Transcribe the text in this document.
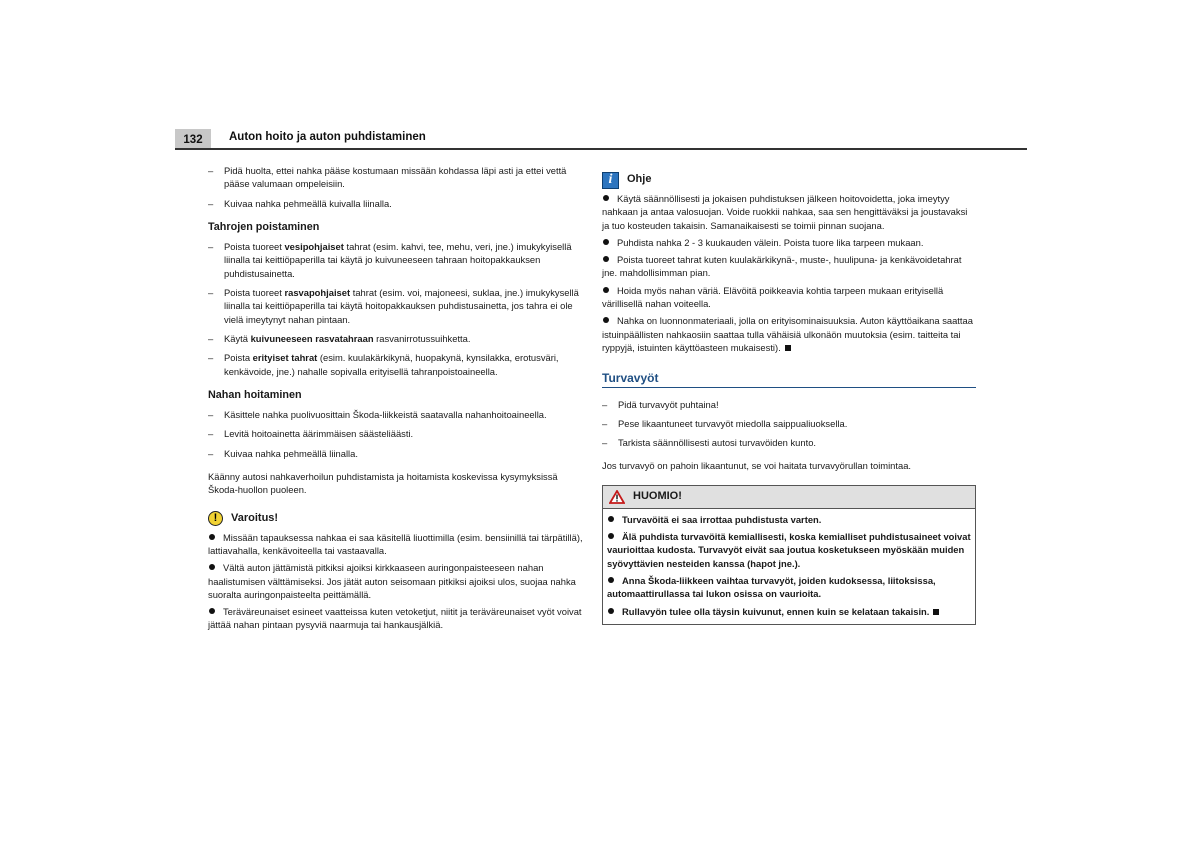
132	Auton hoito ja auton puhdistaminen
– Pidä huolta, ettei nahka pääse kostumaan missään kohdassa läpi asti ja ettei vettä pääse valumaan ompeleisiin.
– Kuivaa nahka pehmeällä kuivalla liinalla.
Tahrojen poistaminen
– Poista tuoreet vesipohjaiset tahrat (esim. kahvi, tee, mehu, veri, jne.) imukykyisellä liinalla tai keittiöpaperilla tai käytä jo kuivuneeseen tahraan hoitopakkauksen puhdistusainetta.
– Poista tuoreet rasvapohjaiset tahrat (esim. voi, majoneesi, suklaa, jne.) imukykysellä liinalla tai keittiöpaperilla tai käytä hoitopakkauksen puhdistusainetta, jos tahra ei ole vielä imeytynyt nahan pintaan.
– Käytä kuivuneeseen rasvatahraan rasvanirrotussuihketta.
– Poista erityiset tahrat (esim. kuulakärkikynä, huopakynä, kynsilakka, erotusväri, kenkävoide, jne.) nahalle sopivalla erityisellä tahranpoistoaineella.
Nahan hoitaminen
– Käsittele nahka puolivuosittain Škoda-liikkeistä saatavalla nahanhoitoaineella.
– Levitä hoitoainetta äärimmäisen säästeliäästi.
– Kuivaa nahka pehmeällä liinalla.
Käänny autosi nahkaverhoilun puhdistamista ja hoitamista koskevissa kysymyksissä Škoda-huollon puoleen.
!	Varoitus!
Missään tapauksessa nahkaa ei saa käsitellä liuottimilla (esim. bensiinillä tai tärpätillä), lattiavahalla, kenkävoiteella tai vastaavalla.
Vältä auton jättämistä pitkiksi ajoiksi kirkkaaseen auringonpaisteeseen nahan haalistumisen välttämiseksi. Jos jätät auton seisomaan pitkiksi ajoiksi ulos, suojaa nahka suoralta auringonpaisteelta peittämällä.
Teräväreunaiset esineet vaatteissa kuten vetoketjut, niitit ja teräväreunaiset vyöt voivat jättää nahan pintaan pysyviä naarmuja tai hankausjälkiä.
i	Ohje
Käytä säännöllisesti ja jokaisen puhdistuksen jälkeen hoitovoidetta, joka imeytyy nahkaan ja antaa valosuojan. Voide ruokkii nahkaa, saa sen hengittäväksi ja joustavaksi ja tuo kosteuden takaisin. Samanaikaisesti se toimii pinnan suojana.
Puhdista nahka 2 - 3 kuukauden välein. Poista tuore lika tarpeen mukaan.
Poista tuoreet tahrat kuten kuulakärkikynä-, muste-, huulipuna- ja kenkävoidetahrat jne. mahdollisimman pian.
Hoida myös nahan väriä. Elävöitä poikkeavia kohtia tarpeen mukaan erityisellä värillisellä nahan voiteella.
Nahka on luonnonmateriaali, jolla on erityisominaisuuksia. Auton käyttöaikana saattaa istuinpäällisten nahkaosiin saattaa tulla vähäisiä ulkonäön muutoksia (esim. taitteita tai ryppyjä, istuinten käyttöasteen mukaisesti).
Turvavyöt
– Pidä turvavyöt puhtaina!
– Pese likaantuneet turvavyöt miedolla saippualiuoksella.
– Tarkista säännöllisesti autosi turvavöiden kunto.
Jos turvavyö on pahoin likaantunut, se voi haitata turvavyörullan toimintaa.
HUOMIO!
Turvavöitä ei saa irrottaa puhdistusta varten.
Älä puhdista turvavöitä kemiallisesti, koska kemialliset puhdistusaineet voivat vaurioittaa kudosta. Turvavyöt eivät saa joutua kosketukseen myöskään muiden syövyttävien nesteiden kanssa (hapot jne.).
Anna Škoda-liikkeen vaihtaa turvavyöt, joiden kudoksessa, liitoksissa, automaattirullassa tai lukon osissa on vaurioita.
Rullavyön tulee olla täysin kuivunut, ennen kuin se kelataan takaisin.
